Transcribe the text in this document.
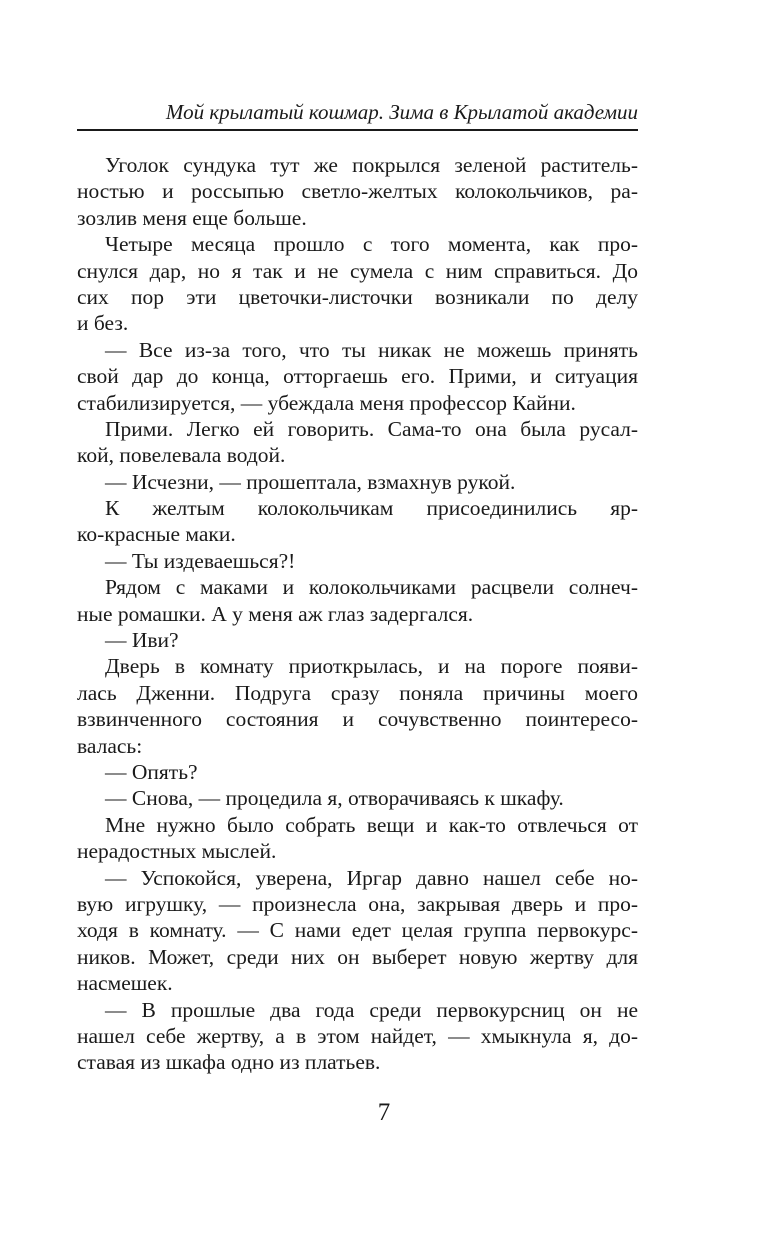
Мой крылатый кошмар. Зима в Крылатой академии
Уголок сундука тут же покрылся зеленой раститель-
ностью и россыпью светло-желтых колокольчиков, ра-
зозлив меня еще больше.
Четыре месяца прошло с того момента, как про-
снулся дар, но я так и не сумела с ним справиться. До
сих пор эти цветочки-листочки возникали по делу
и без.
— Все из-за того, что ты никак не можешь принять
свой дар до конца, отторгаешь его. Прими, и ситуация
стабилизируется, — убеждала меня профессор Кайни.
Прими. Легко ей говорить. Сама-то она была русал-
кой, повелевала водой.
— Исчезни, — прошептала, взмахнув рукой.
К желтым колокольчикам присоединились яр-
ко-красные маки.
— Ты издеваешься?!
Рядом с маками и колокольчиками расцвели солнеч-
ные ромашки. А у меня аж глаз задергался.
— Иви?
Дверь в комнату приоткрылась, и на пороге появи-
лась Дженни. Подруга сразу поняла причины моего
взвинченного состояния и сочувственно поинтересо-
валась:
— Опять?
— Снова, — процедила я, отворачиваясь к шкафу.
Мне нужно было собрать вещи и как-то отвлечься от
нерадостных мыслей.
— Успокойся, уверена, Иргар давно нашел себе но-
вую игрушку, — произнесла она, закрывая дверь и про-
ходя в комнату. — С нами едет целая группа первокурс-
ников. Может, среди них он выберет новую жертву для
насмешек.
— В прошлые два года среди первокурсниц он не
нашел себе жертву, а в этом найдет, — хмыкнула я, до-
ставая из шкафа одно из платьев.
7
